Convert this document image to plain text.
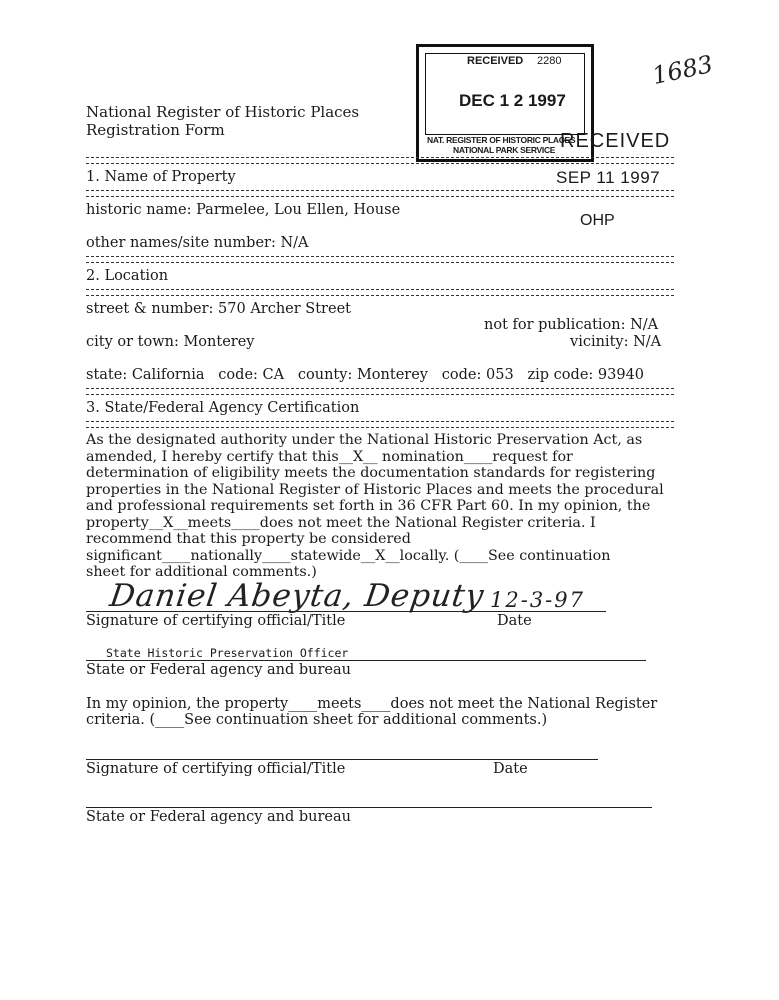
RECEIVED 2280
DEC 1 2 1997
NAT. REGISTER OF HISTORIC PLACES
NATIONAL PARK SERVICE
1683
RECEIVED
SEP 11 1997
OHP
National Register of Historic Places
Registration Form
1. Name of Property
historic name: Parmelee, Lou Ellen, House
other names/site number: N/A
2. Location
street & number: 570 Archer Street
not for publication: N/A
city or town: Monterey	vicinity: N/A
state: California   code: CA   county: Monterey   code: 053   zip code: 93940
3. State/Federal Agency Certification
As the designated authority under the National Historic Preservation Act, as
amended, I hereby certify that this__X__ nomination____request for
determination of eligibility meets the documentation standards for registering
properties in the National Register of Historic Places and meets the procedural
and professional requirements set forth in 36 CFR Part 60. In my opinion, the
property__X__meets____does not meet the National Register criteria. I
recommend that this property be considered
significant____nationally____statewide__X__locally. (____See continuation
sheet for additional comments.)
Daniel Abeyta, Deputy 12-3-97
Signature of certifying official/Title	Date
State Historic Preservation Officer
State or Federal agency and bureau
In my opinion, the property____meets____does not meet the National Register
criteria. (____See continuation sheet for additional comments.)
Signature of certifying official/Title	Date
State or Federal agency and bureau
